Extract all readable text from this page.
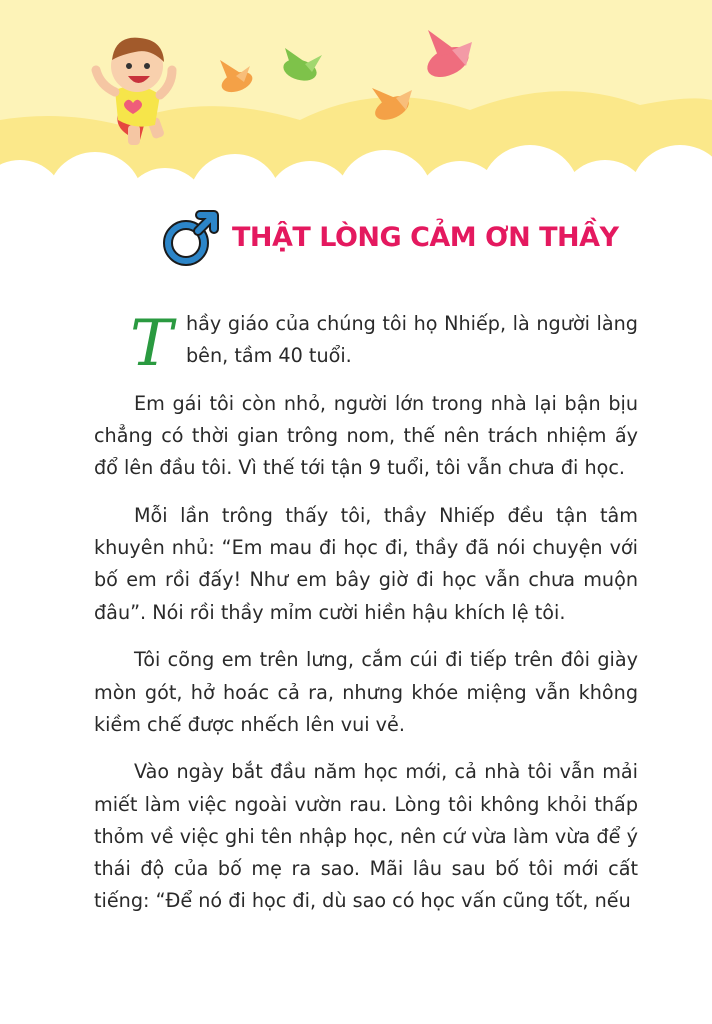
THẬT LÒNG CẢM ƠN THẦY

Thầy giáo của chúng tôi họ Nhiếp, là người làng bên, tầm 40 tuổi.

Em gái tôi còn nhỏ, người lớn trong nhà lại bận bịu chẳng có thời gian trông nom, thế nên trách nhiệm ấy đổ lên đầu tôi. Vì thế tới tận 9 tuổi, tôi vẫn chưa đi học.

Mỗi lần trông thấy tôi, thầy Nhiếp đều tận tâm khuyên nhủ: “Em mau đi học đi, thầy đã nói chuyện với bố em rồi đấy! Như em bây giờ đi học vẫn chưa muộn đâu”. Nói rồi thầy mỉm cười hiền hậu khích lệ tôi.

Tôi cõng em trên lưng, cắm cúi đi tiếp trên đôi giày mòn gót, hở hoác cả ra, nhưng khóe miệng vẫn không kiềm chế được nhếch lên vui vẻ.

Vào ngày bắt đầu năm học mới, cả nhà tôi vẫn mải miết làm việc ngoài vườn rau. Lòng tôi không khỏi thấp thỏm về việc ghi tên nhập học, nên cứ vừa làm vừa để ý thái độ của bố mẹ ra sao. Mãi lâu sau bố tôi mới cất tiếng: “Để nó đi học đi, dù sao có học vấn cũng tốt, nếu
